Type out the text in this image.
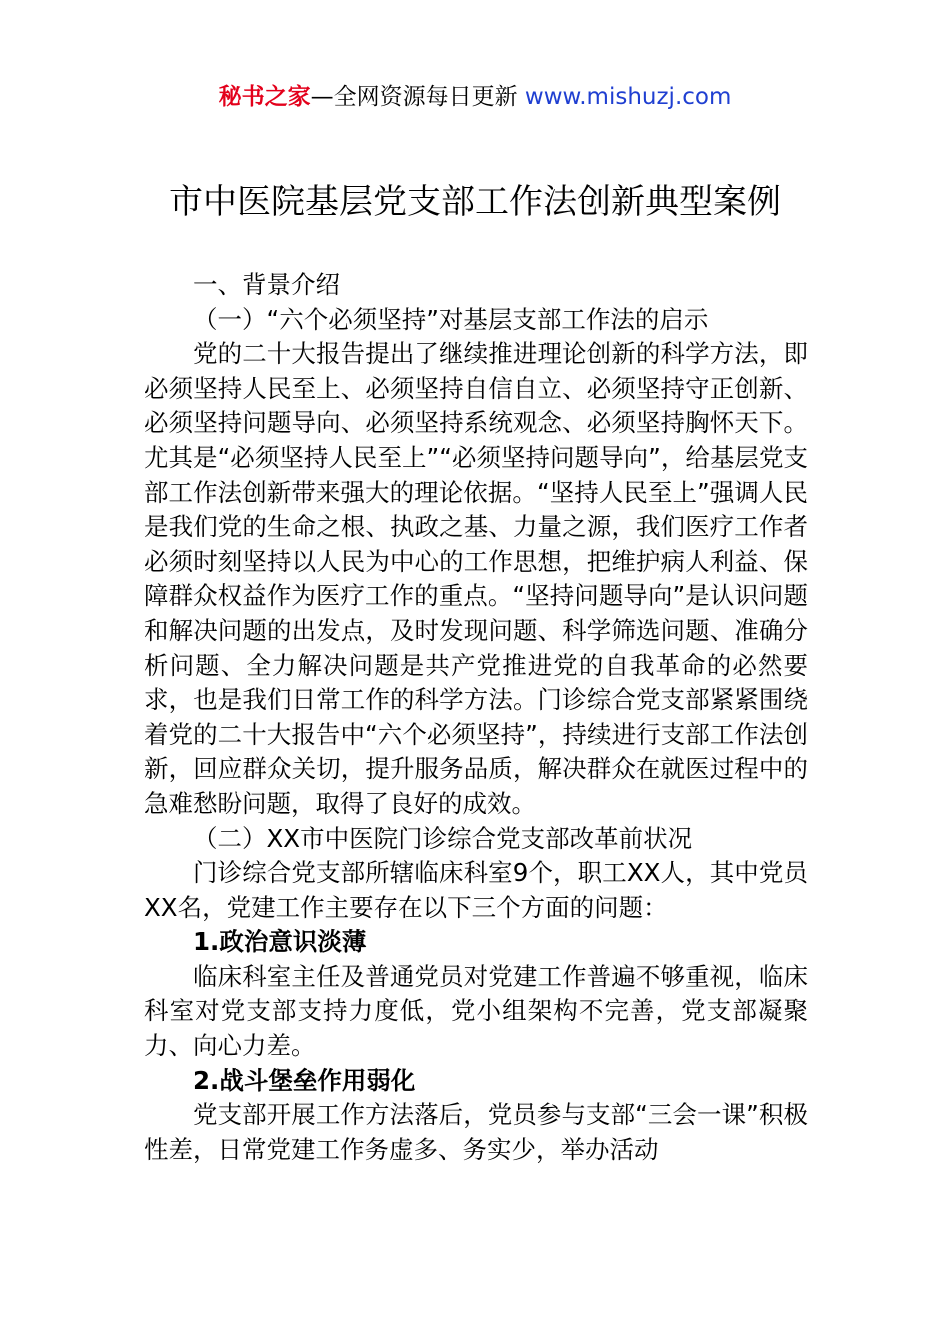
秘书之家—全网资源每日更新 www.mishuzj.com
市中医院基层党支部工作法创新典型案例

一、背景介绍

（一）“六个必须坚持”对基层支部工作法的启示

党的二十大报告提出了继续推进理论创新的科学方法，即必须坚持人民至上、必须坚持自信自立、必须坚持守正创新、必须坚持问题导向、必须坚持系统观念、必须坚持胸怀天下。尤其是“必须坚持人民至上”“必须坚持问题导向”，给基层党支部工作法创新带来强大的理论依据。“坚持人民至上”强调人民是我们党的生命之根、执政之基、力量之源，我们医疗工作者必须时刻坚持以人民为中心的工作思想，把维护病人利益、保障群众权益作为医疗工作的重点。“坚持问题导向”是认识问题和解决问题的出发点，及时发现问题、科学筛选问题、准确分析问题、全力解决问题是共产党推进党的自我革命的必然要求，也是我们日常工作的科学方法。门诊综合党支部紧紧围绕着党的二十大报告中“六个必须坚持”，持续进行支部工作法创新，回应群众关切，提升服务品质，解决群众在就医过程中的急难愁盼问题，取得了良好的成效。

（二）XX市中医院门诊综合党支部改革前状况

门诊综合党支部所辖临床科室9个，职工XX人，其中党员XX名，党建工作主要存在以下三个方面的问题：

1.政治意识淡薄

临床科室主任及普通党员对党建工作普遍不够重视，临床科室对党支部支持力度低，党小组架构不完善，党支部凝聚力、向心力差。

2.战斗堡垒作用弱化

党支部开展工作方法落后，党员参与支部“三会一课”积极性差，日常党建工作务虚多、务实少，举办活动
